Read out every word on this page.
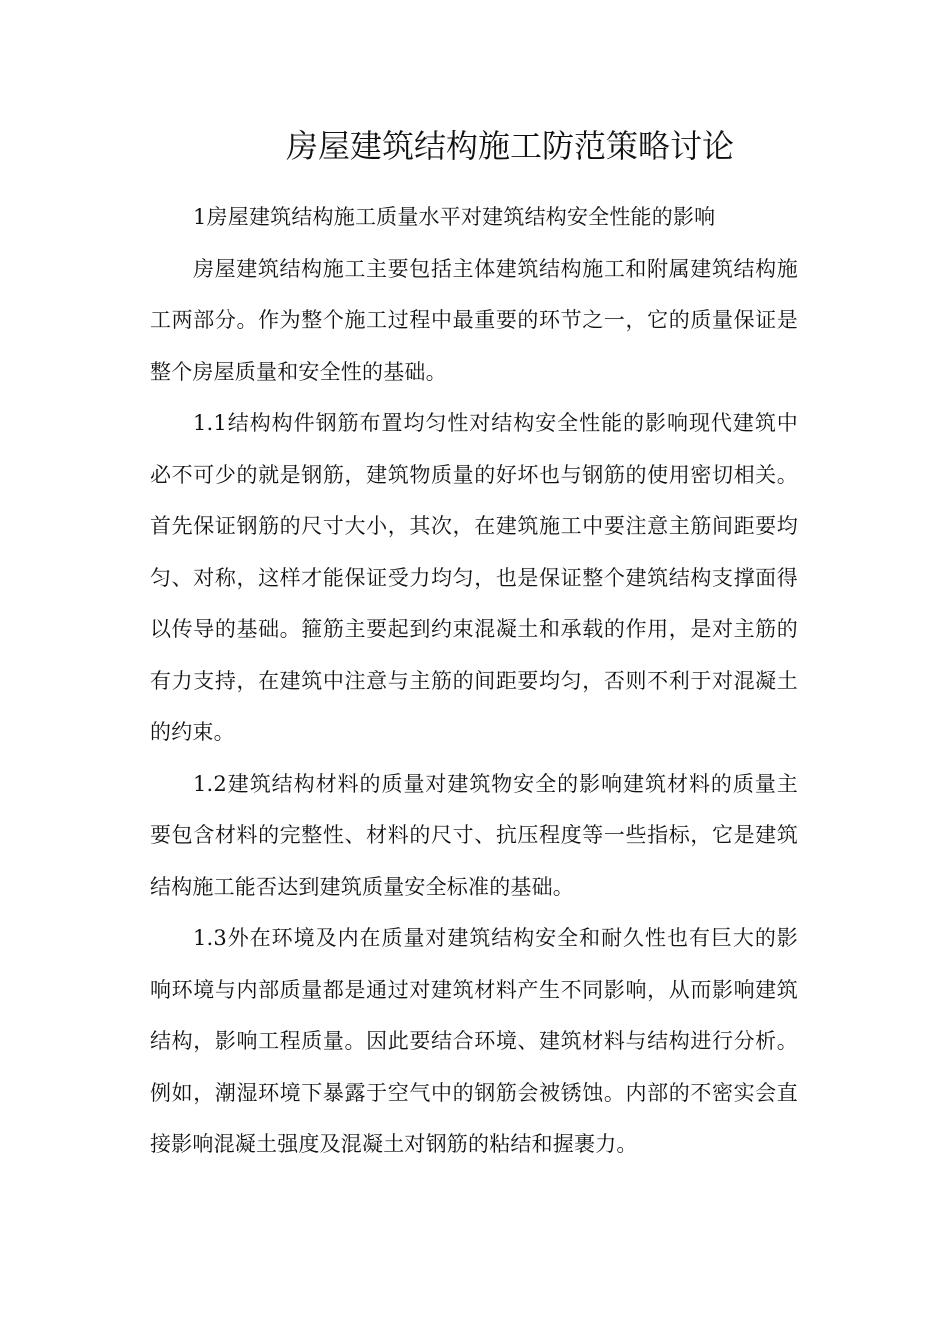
房屋建筑结构施工防范策略讨论

1房屋建筑结构施工质量水平对建筑结构安全性能的影响

房屋建筑结构施工主要包括主体建筑结构施工和附属建筑结构施工两部分。作为整个施工过程中最重要的环节之一，它的质量保证是整个房屋质量和安全性的基础。

1.1结构构件钢筋布置均匀性对结构安全性能的影响现代建筑中必不可少的就是钢筋，建筑物质量的好坏也与钢筋的使用密切相关。首先保证钢筋的尺寸大小，其次，在建筑施工中要注意主筋间距要均匀、对称，这样才能保证受力均匀，也是保证整个建筑结构支撑面得以传导的基础。箍筋主要起到约束混凝土和承载的作用，是对主筋的有力支持，在建筑中注意与主筋的间距要均匀，否则不利于对混凝土的约束。

1.2建筑结构材料的质量对建筑物安全的影响建筑材料的质量主要包含材料的完整性、材料的尺寸、抗压程度等一些指标，它是建筑结构施工能否达到建筑质量安全标准的基础。

1.3外在环境及内在质量对建筑结构安全和耐久性也有巨大的影响环境与内部质量都是通过对建筑材料产生不同影响，从而影响建筑结构，影响工程质量。因此要结合环境、建筑材料与结构进行分析。例如，潮湿环境下暴露于空气中的钢筋会被锈蚀。内部的不密实会直接影响混凝土强度及混凝土对钢筋的粘结和握裹力。
